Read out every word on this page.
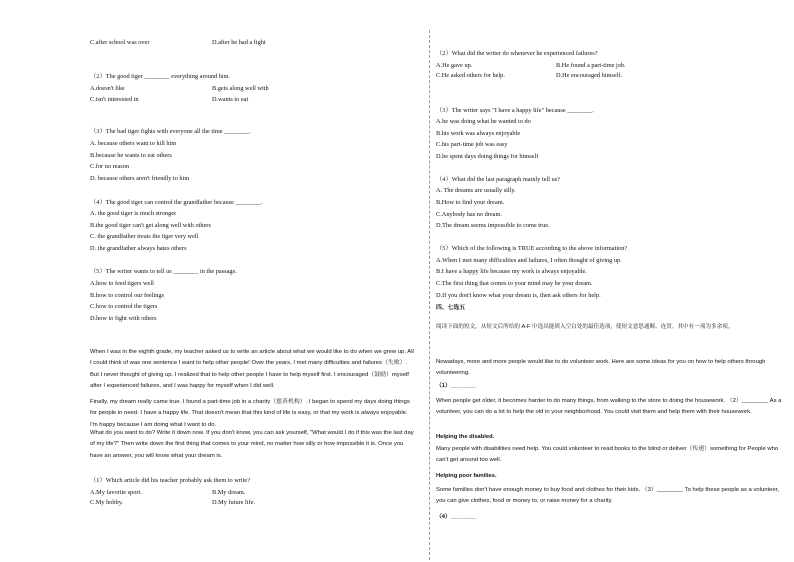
C.after school was over	D.after he had a fight
（2）The good tiger ________ everything around him.
A.doesn't like	B.gets along well with
C.isn't interested in	D.wants to eat
（3）The bad tiger fights with everyone all the time ________.
A. because others want to kill him
B.because he wants to eat others
C.for no reason
D. because others aren't friendly to him
（4）The good tiger can control the grandfather because ________.
A. the good tiger is much stronger
B.the good tiger can't get along well with others
C. the grandfather treats the tiger very well
D. the grandfather always hates others
（5）The writer wants to tell us ________ in the passage.
A.how to feed tigers well
B.how to control our feelings
C.how to control the tigers
D.how to fight with others
When I was in the eighth grade, my teacher asked us to write an article about what we would like to do when we grew up. All I could think of was one sentence I want to help other people! Over the years, I met many difficulties and failures（失败）. But I never thought of giving up. I realized that to help other people I have to help myself first. I encouraged（鼓励）myself after I experienced failures, and I was happy for myself when I did well.
Finally, my dream really came true. I found a part-time job in a charity（慈善机构）. I began to spend my days doing things for people in need. I have a happy life. That doesn't mean that this kind of life is easy, or that my work is always enjoyable. I'm happy because I am doing what I want to do.
What do you want to do? Write it down now. If you don't know, you can ask yourself, "What would I do if this was the last day of my life?" Then write down the first thing that comes to your mind, no matter how silly or how impossible it is. Once you have an answer, you will know what your dream is.
（1）Which article did his teacher probably ask them to write?
A.My favorite sport.	B.My dream.
C.My hobby.	D.My future life.
（2）What did the writer do whenever he experienced failures?
A.He gave up.	B.He found a part-time job.
C.He asked others for help.	D.He encouraged himself.
（3）The writer says "I have a happy life" because ________.
A.he was doing what he wanted to do
B.his work was always enjoyable
C.his part-time job was easy
D.he spent days doing things for himself
（4）What did the last paragraph mainly tell us?
A. The dreams are usually silly.
B.How to find your dream.
C.Anybody has no dream.
D.The dream seems impossible to come true.
（5）Which of the following is TRUE according to the above information?
A.When I met many difficulties and failures, I often thought of giving up.
B.I have a happy life because my work is always enjoyable.
C.The first thing that comes to your mind may be your dream.
D.If you don't know what your dream is, then ask others for help.
四、七选五
阅读下面的短文，从短文后所给的 A-F 中选出能填入空白处的最佳选项，使短文意思通顺、连贯。其中有一项为多余项。
Nowadays, more and more people would like to do volunteer work. Here are some ideas for you on how to help others through volunteering.
（1）________
When people get older, it becomes harder to do many things, from walking to the store to doing the housework. （2）________ As a volunteer, you can do a lot to help the old in your neighborhood. You could visit them and help them with their housework.
Helping the disabled.
Many people with disabilities need help. You could volunteer to read books to the blind or deliver（传递）something for People who can't get around too well.
Helping poor families.
Some families don't have enough money to buy food and clothes for their kids. （3）________ To help these people as a volunteer, you can give clothes, food or money to, or raise money for a charity.
（4）________
